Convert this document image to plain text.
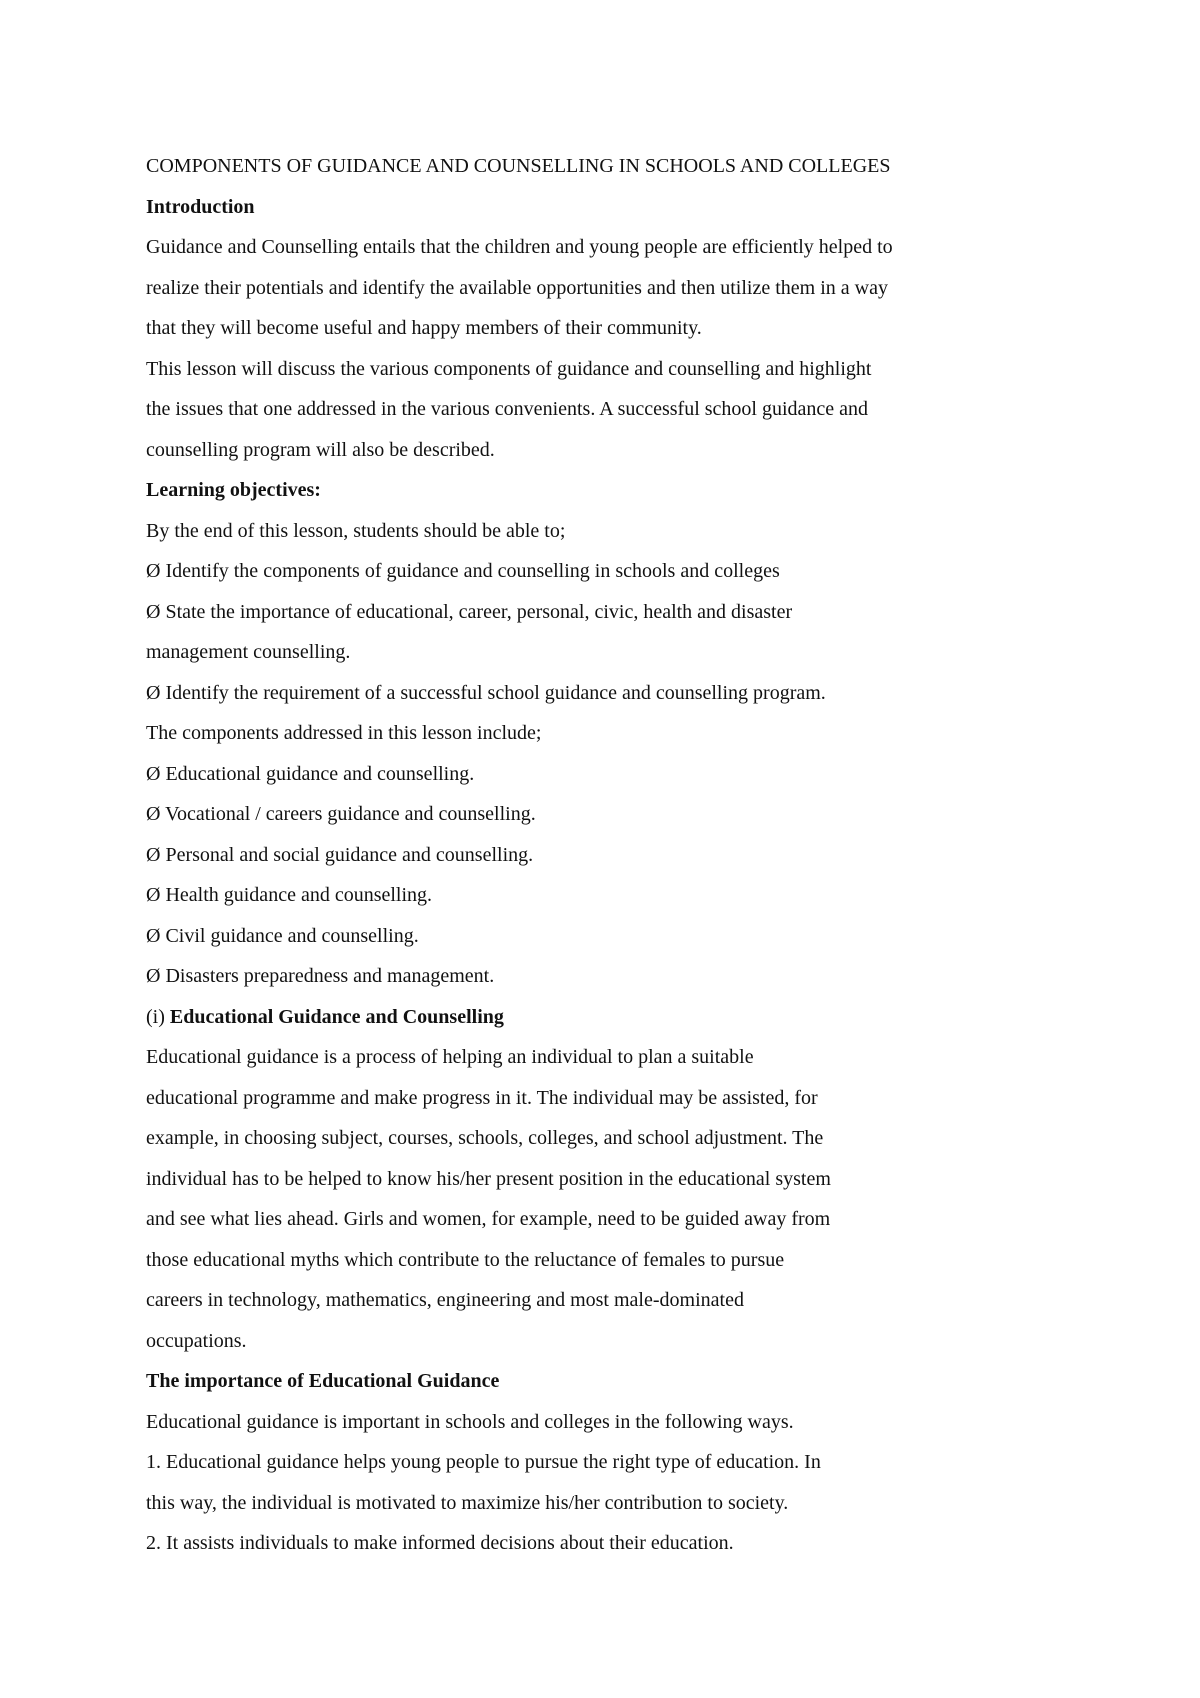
COMPONENTS OF GUIDANCE AND COUNSELLING IN SCHOOLS AND COLLEGES
Introduction
Guidance and Counselling entails that the children and young people are efficiently helped to
realize their potentials and identify the available opportunities and then utilize them in a way
that they will become useful and happy members of their community.
This lesson will discuss the various components of guidance and counselling and highlight
the issues that one addressed in the various convenients. A successful school guidance and
counselling program will also be described.
Learning objectives:
By the end of this lesson, students should be able to;
Ø Identify the components of guidance and counselling in schools and colleges
Ø State the importance of educational, career, personal, civic, health and disaster
management counselling.
Ø Identify the requirement of a successful school guidance and counselling program.
The components addressed in this lesson include;
Ø Educational guidance and counselling.
Ø Vocational / careers guidance and counselling.
Ø Personal and social guidance and counselling.
Ø Health guidance and counselling.
Ø Civil guidance and counselling.
Ø Disasters preparedness and management.
(i) Educational Guidance and Counselling
Educational guidance is a process of helping an individual to plan a suitable
educational programme and make progress in it. The individual may be assisted, for
example, in choosing subject, courses, schools, colleges, and school adjustment. The
individual has to be helped to know his/her present position in the educational system
and see what lies ahead. Girls and women, for example, need to be guided away from
those educational myths which contribute to the reluctance of females to pursue
careers in technology, mathematics, engineering and most male-dominated
occupations.
The importance of Educational Guidance
Educational guidance is important in schools and colleges in the following ways.
1. Educational guidance helps young people to pursue the right type of education. In
this way, the individual is motivated to maximize his/her contribution to society.
2. It assists individuals to make informed decisions about their education.
